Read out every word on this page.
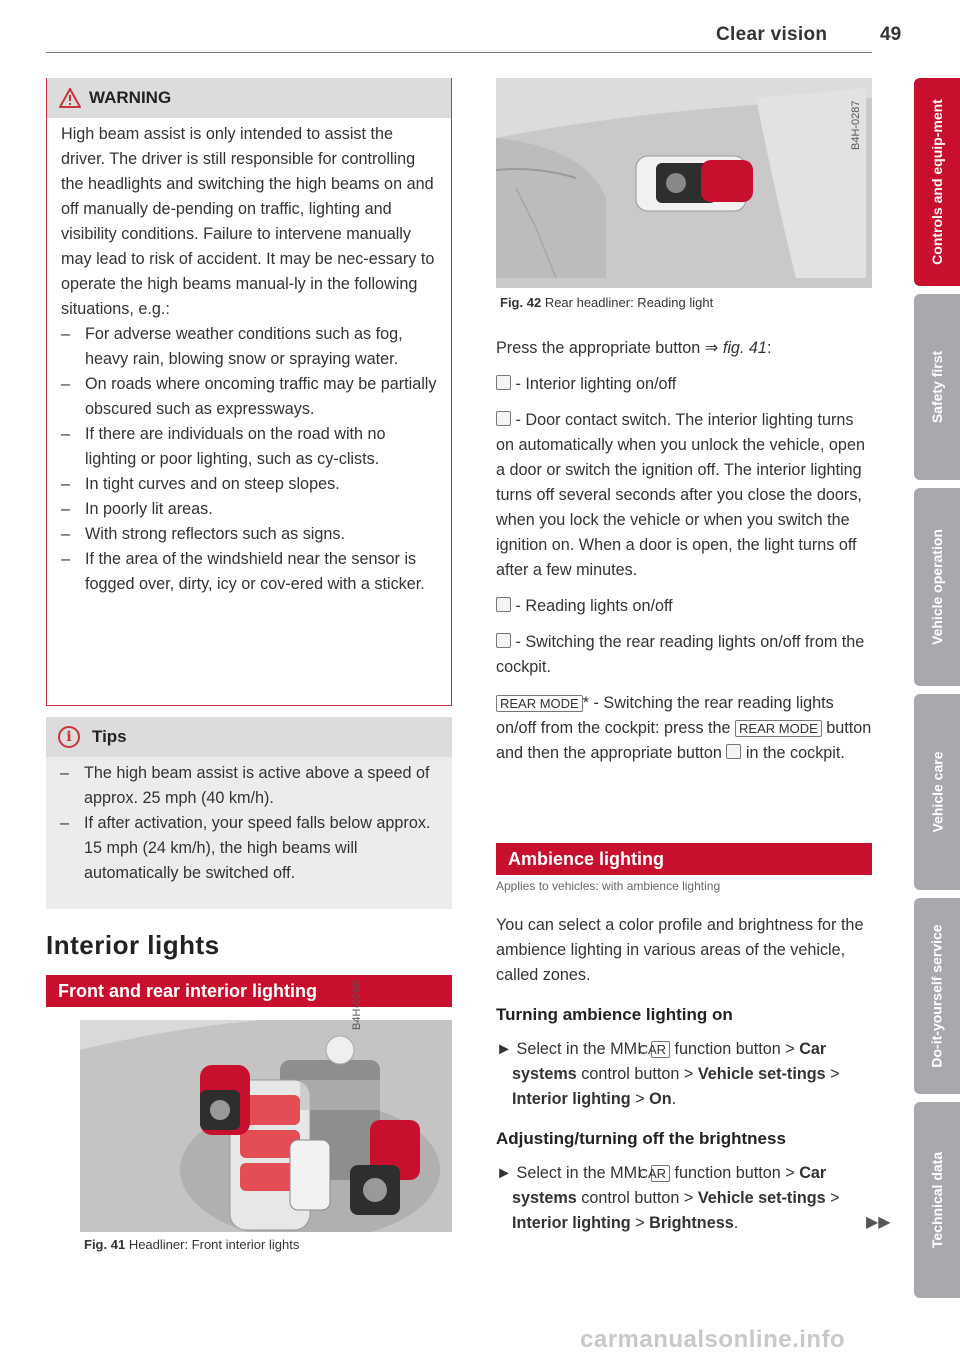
Clear vision	49
WARNING

High beam assist is only intended to assist the driver. The driver is still responsible for controlling the headlights and switching the high beams on and off manually de-pending on traffic, lighting and visibility conditions. Failure to intervene manually may lead to risk of accident. It may be nec-essary to operate the high beams manual-ly in the following situations, e.g.:

– For adverse weather conditions such as fog, heavy rain, blowing snow or spraying water.
– On roads where oncoming traffic may be partially obscured such as expressways.
– If there are individuals on the road with no lighting or poor lighting, such as cy-clists.
– In tight curves and on steep slopes.
– In poorly lit areas.
– With strong reflectors such as signs.
– If the area of the windshield near the sensor is fogged over, dirty, icy or cov-ered with a sticker.
i	Tips
– The high beam assist is active above a speed of approx. 25 mph (40 km/h).
– If after activation, your speed falls below approx. 15 mph (24 km/h), the high beams will automatically be switched off.
Interior lights
Front and rear interior lighting	B4H-0288
Fig. 41 Headliner: Front interior lights
B4H-0287
Fig. 42 Rear headliner: Reading light

Press the appropriate button ⇒ fig. 41:

- Interior lighting on/off

- Door contact switch. The interior lighting turns on automatically when you unlock the vehicle, open a door or switch the ignition off. The interior lighting turns off several seconds after you close the doors, when you lock the vehicle or when you switch the ignition on. When a door is open, the light turns off after a few minutes.

- Reading lights on/off

- Switching the rear reading lights on/off from the cockpit.

REAR MODE * - Switching the rear reading lights on/off from the cockpit: press the REAR MODE button and then the appropriate button  in the cockpit.

Ambience lighting

Applies to vehicles: with ambience lighting

You can select a color profile and brightness for the ambience lighting in various areas of the vehicle, called zones.

Turning ambience lighting on

► Select in the MMI: CAR function button > Car systems control button > Vehicle set-tings > Interior lighting > On.

Adjusting/turning off the brightness

► Select in the MMI: CAR function button > Car systems control button > Vehicle set-tings > Interior lighting > Brightness.	▶▶
Controls and equip-ment
Safety first
Vehicle operation
Vehicle care
Do-it-yourself service
Technical data
carmanualsonline.info
